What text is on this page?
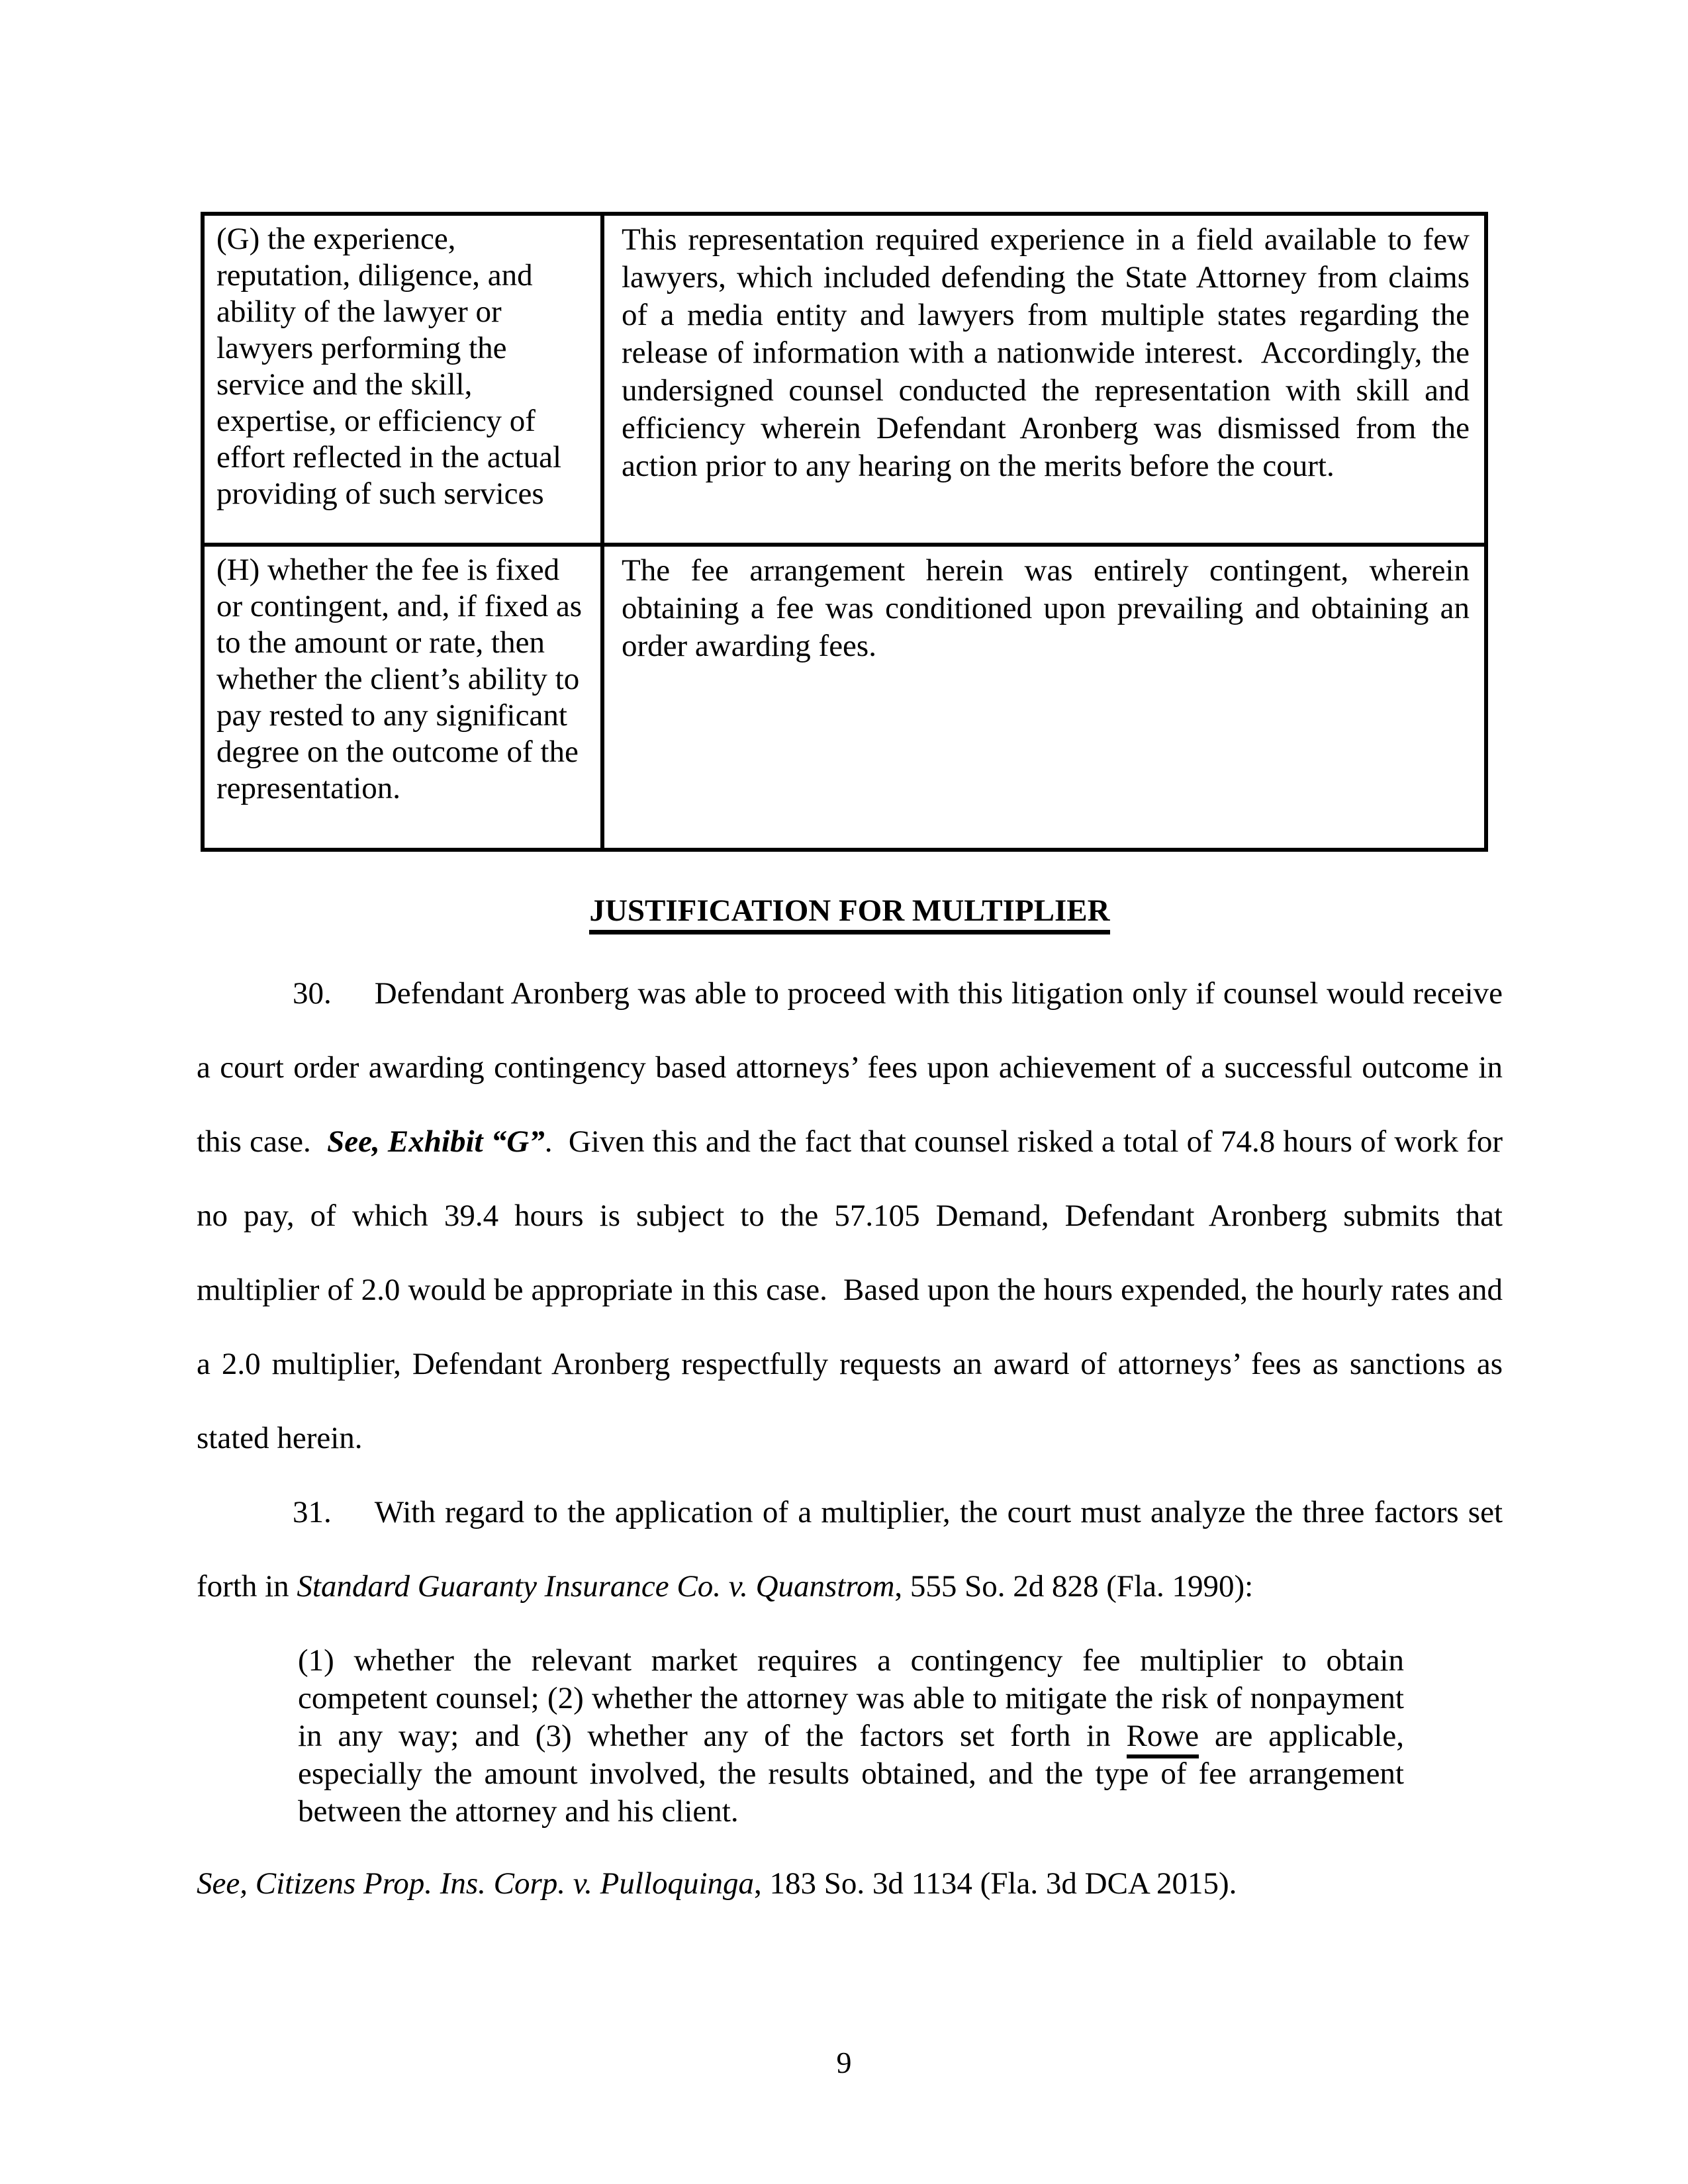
(G) the experience, reputation, diligence, and ability of the lawyer or lawyers performing the service and the skill, expertise, or efficiency of effort reflected in the actual providing of such services	This representation required experience in a field available to few lawyers, which included defending the State Attorney from claims of a media entity and lawyers from multiple states regarding the release of information with a nationwide interest.  Accordingly, the undersigned counsel conducted the representation with skill and efficiency wherein Defendant Aronberg was dismissed from the action prior to any hearing on the merits before the court.
(H) whether the fee is fixed or contingent, and, if fixed as to the amount or rate, then whether the client’s ability to pay rested to any significant degree on the outcome of the representation.	The fee arrangement herein was entirely contingent, wherein obtaining a fee was conditioned upon prevailing and obtaining an order awarding fees.
JUSTIFICATION FOR MULTIPLIER

30. Defendant Aronberg was able to proceed with this litigation only if counsel would receive a court order awarding contingency based attorneys’ fees upon achievement of a successful outcome in this case.  See, Exhibit “G”.  Given this and the fact that counsel risked a total of 74.8 hours of work for no pay, of which 39.4 hours is subject to the 57.105 Demand, Defendant Aronberg submits that multiplier of 2.0 would be appropriate in this case.  Based upon the hours expended, the hourly rates and a 2.0 multiplier, Defendant Aronberg respectfully requests an award of attorneys’ fees as sanctions as stated herein.

31. With regard to the application of a multiplier, the court must analyze the three factors set forth in Standard Guaranty Insurance Co. v. Quanstrom, 555 So. 2d 828 (Fla. 1990):

(1) whether the relevant market requires a contingency fee multiplier to obtain competent counsel; (2) whether the attorney was able to mitigate the risk of nonpayment in any way; and (3) whether any of the factors set forth in Rowe are applicable, especially the amount involved, the results obtained, and the type of fee arrangement between the attorney and his client.

See, Citizens Prop. Ins. Corp. v. Pulloquinga, 183 So. 3d 1134 (Fla. 3d DCA 2015).

9
